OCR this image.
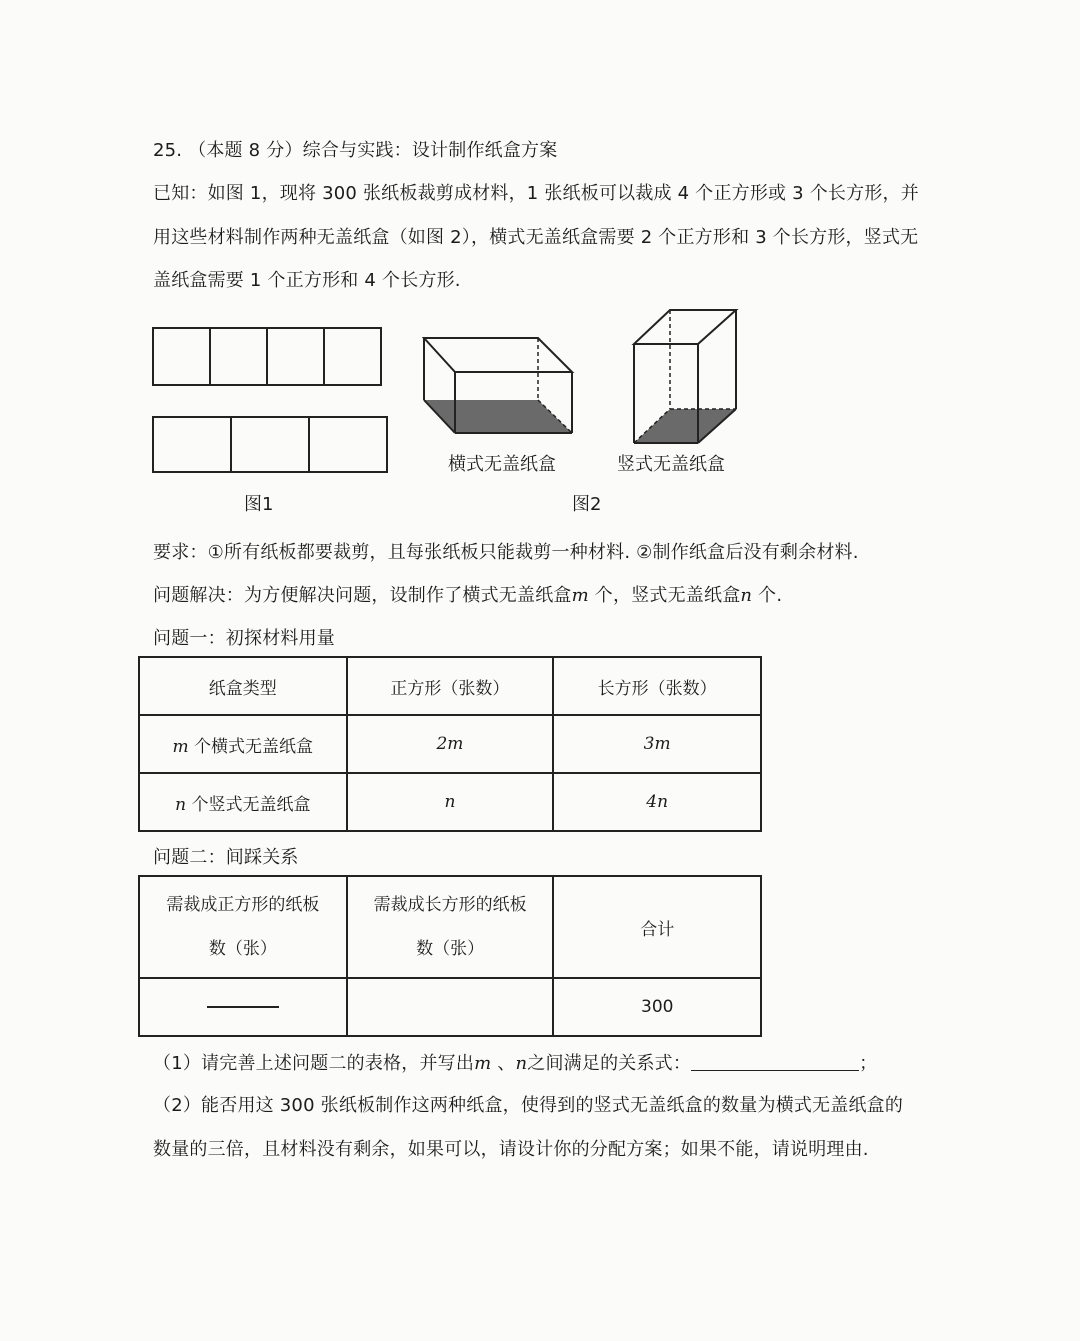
25. （本题 8 分）综合与实践：设计制作纸盒方案
已知：如图 1，现将 300 张纸板裁剪成材料，1 张纸板可以裁成 4 个正方形或 3 个长方形，并
用这些材料制作两种无盖纸盒（如图 2），横式无盖纸盒需要 2 个正方形和 3 个长方形，竖式无
盖纸盒需要 1 个正方形和 4 个长方形.
图1
横式无盖纸盒	竖式无盖纸盒
图2
要求：①所有纸板都要裁剪，且每张纸板只能裁剪一种材料. ②制作纸盒后没有剩余材料.
问题解决：为方便解决问题，设制作了横式无盖纸盒m 个，竖式无盖纸盒n 个.
问题一：初探材料用量
纸盒类型	正方形（张数）	长方形（张数）
m 个横式无盖纸盒	2m	3m
n 个竖式无盖纸盒	n	4n
问题二：间踩关系
需裁成正方形的纸板
数（张）	需裁成长方形的纸板
数（张）	合计
		300
（1）请完善上述问题二的表格，并写出m 、n之间满足的关系式：	；
（2）能否用这 300 张纸板制作这两种纸盒，使得到的竖式无盖纸盒的数量为横式无盖纸盒的
数量的三倍，且材料没有剩余，如果可以，请设计你的分配方案；如果不能，请说明理由.
